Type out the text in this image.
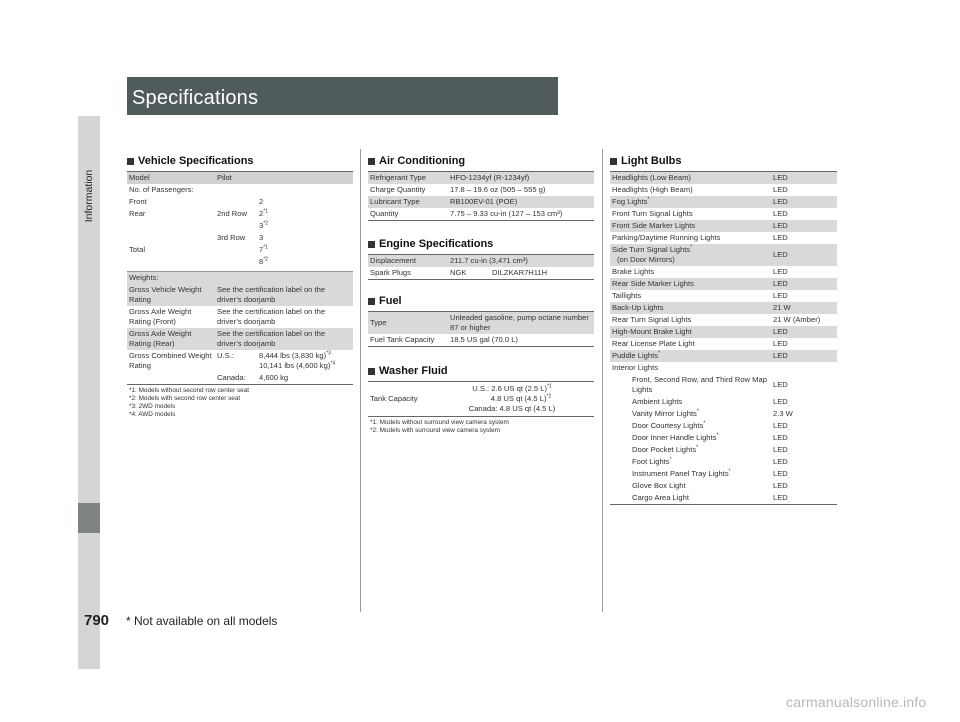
Specifications
Information
790
Vehicle Specifications
Model	Pilot	
No. of Passengers:		
Front		2
Rear	2nd Row	2$^{*1}$
		3$^{*2}$
	3rd Row	3
Total		7$^{*1}$
		8$^{*2}$
Weights:		
Gross Vehicle Weight Rating	See the certification label on the driver’s doorjamb	
Gross Axle Weight Rating (Front)	See the certification label on the driver’s doorjamb	
Gross Axle Weight Rating (Rear)	See the certification label on the driver’s doorjamb	
Gross Combined Weight Rating	U.S.:	8,444 lbs (3,830 kg)$^{*3}$
10,141 lbs (4,600 kg)$^{*4}$
	Canada:	4,600 kg
*1: Models without second row center seat
*2: Models with second row center seat
*3: 2WD models
*4: AWD models
Air Conditioning
Refrigerant Type	HFO-1234yf (R-1234yf)
Charge Quantity	17.8 – 19.6 oz (505 – 555 g)
Lubricant Type	RB100EV-01 (POE)
Quantity	7.75 – 9.33 cu-in (127 – 153 cm³)
Engine Specifications
Displacement	211.7 cu-in (3,471 cm³)	
Spark Plugs	NGK	DILZKAR7H11H
Fuel
Type	Unleaded gasoline, pump octane number 87 or higher
Fuel Tank Capacity	18.5 US gal (70.0 L)
Washer Fluid
Tank Capacity	
U.S.: 2.6 US qt (2.5 L)$^{*1}$
4.8 US qt (4.5 L)$^{*2}$
Canada: 4.8 US qt (4.5 L)
*1: Models without surround view camera system
*2: Models with surround view camera system
Light Bulbs
Headlights (Low Beam)	LED
Headlights (High Beam)	LED
Fog Lights*	LED
Front Turn Signal Lights	LED
Front Side Marker Lights	LED
Parking/Daytime Running Lights	LED
Side Turn Signal Lights*
(on Door Mirrors)	LED
Brake Lights	LED
Rear Side Marker Lights	LED
Taillights	LED
Back-Up Lights	21 W
Rear Turn Signal Lights	21 W (Amber)
High-Mount Brake Light	LED
Rear License Plate Light	LED
Puddle Lights*	LED
Interior Lights	
Front, Second Row, and Third Row Map Lights	LED
Ambient Lights	LED
Vanity Mirror Lights*	2.3 W
Door Courtesy Lights*	LED
Door Inner Handle Lights*	LED
Door Pocket Lights*	LED
Foot Lights*	LED
Instrument Panel Tray Lights*	LED
Glove Box Light	LED
Cargo Area Light	LED
* Not available on all models
carmanualsonline.info
